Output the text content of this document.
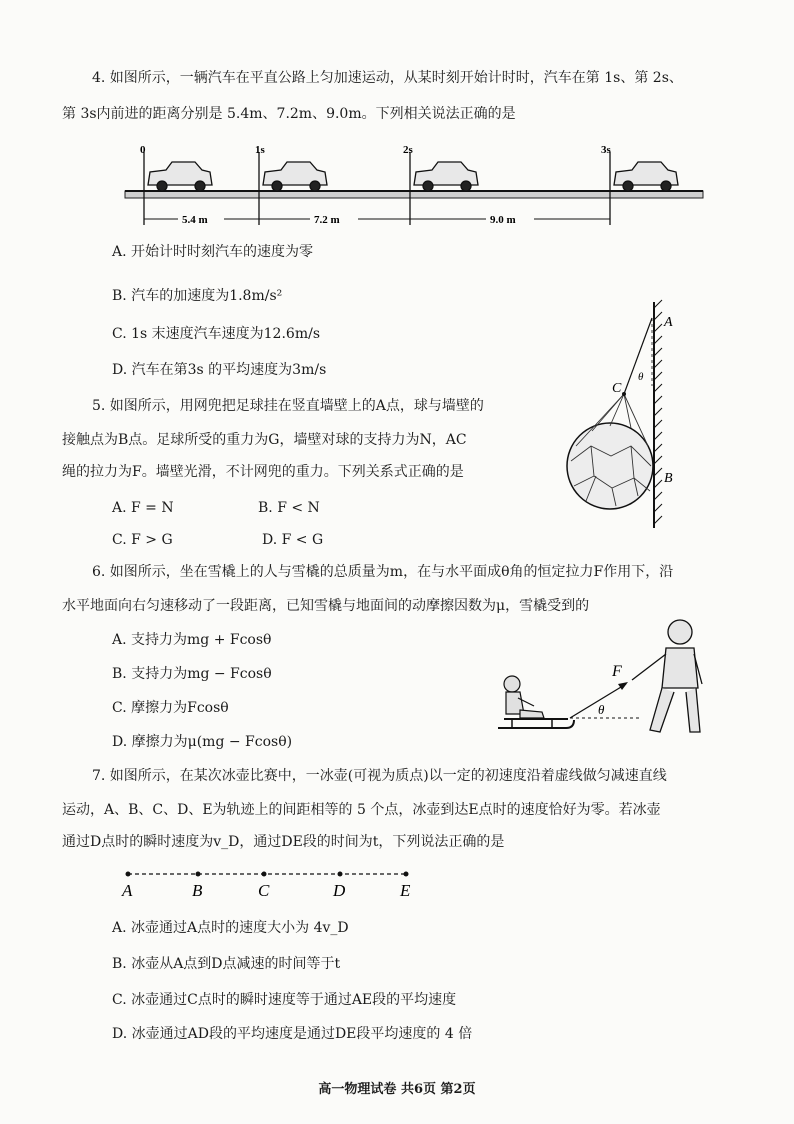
4. 如图所示，一辆汽车在平直公路上匀加速运动，从某时刻开始计时时，汽车在第 1s、第 2s、
第 3s内前进的距离分别是 5.4m、7.2m、9.0m。下列相关说法正确的是
0	1s	2s	3s
5.4 m	7.2 m	9.0 m
A. 开始计时时刻汽车的速度为零
B. 汽车的加速度为1.8m/s²
C. 1s 末速度汽车速度为12.6m/s
D. 汽车在第3s 的平均速度为3m/s
5. 如图所示，用网兜把足球挂在竖直墙壁上的A点，球与墙壁的
接触点为B点。足球所受的重力为G，墙壁对球的支持力为N，AC
绳的拉力为F。墙壁光滑，不计网兜的重力。下列关系式正确的是
A. F = N	B. F < N
C. F > G	D. F < G
A
θ
C
B
6. 如图所示，坐在雪橇上的人与雪橇的总质量为m，在与水平面成θ角的恒定拉力F作用下，沿
水平地面向右匀速移动了一段距离，已知雪橇与地面间的动摩擦因数为μ，雪橇受到的
A. 支持力为mg + Fcosθ
B. 支持力为mg − Fcosθ
C. 摩擦力为Fcosθ
D. 摩擦力为μ(mg − Fcosθ)
F
θ
7. 如图所示，在某次冰壶比赛中，一冰壶(可视为质点)以一定的初速度沿着虚线做匀减速直线
运动，A、B、C、D、E为轨迹上的间距相等的 5 个点，冰壶到达E点时的速度恰好为零。若冰壶
通过D点时的瞬时速度为v_D，通过DE段的时间为t，下列说法正确的是
A	B	C	D	E
A. 冰壶通过A点时的速度大小为 4v_D
B. 冰壶从A点到D点减速的时间等于t
C. 冰壶通过C点时的瞬时速度等于通过AE段的平均速度
D. 冰壶通过AD段的平均速度是通过DE段平均速度的 4 倍
高一物理试卷 共6页 第2页
